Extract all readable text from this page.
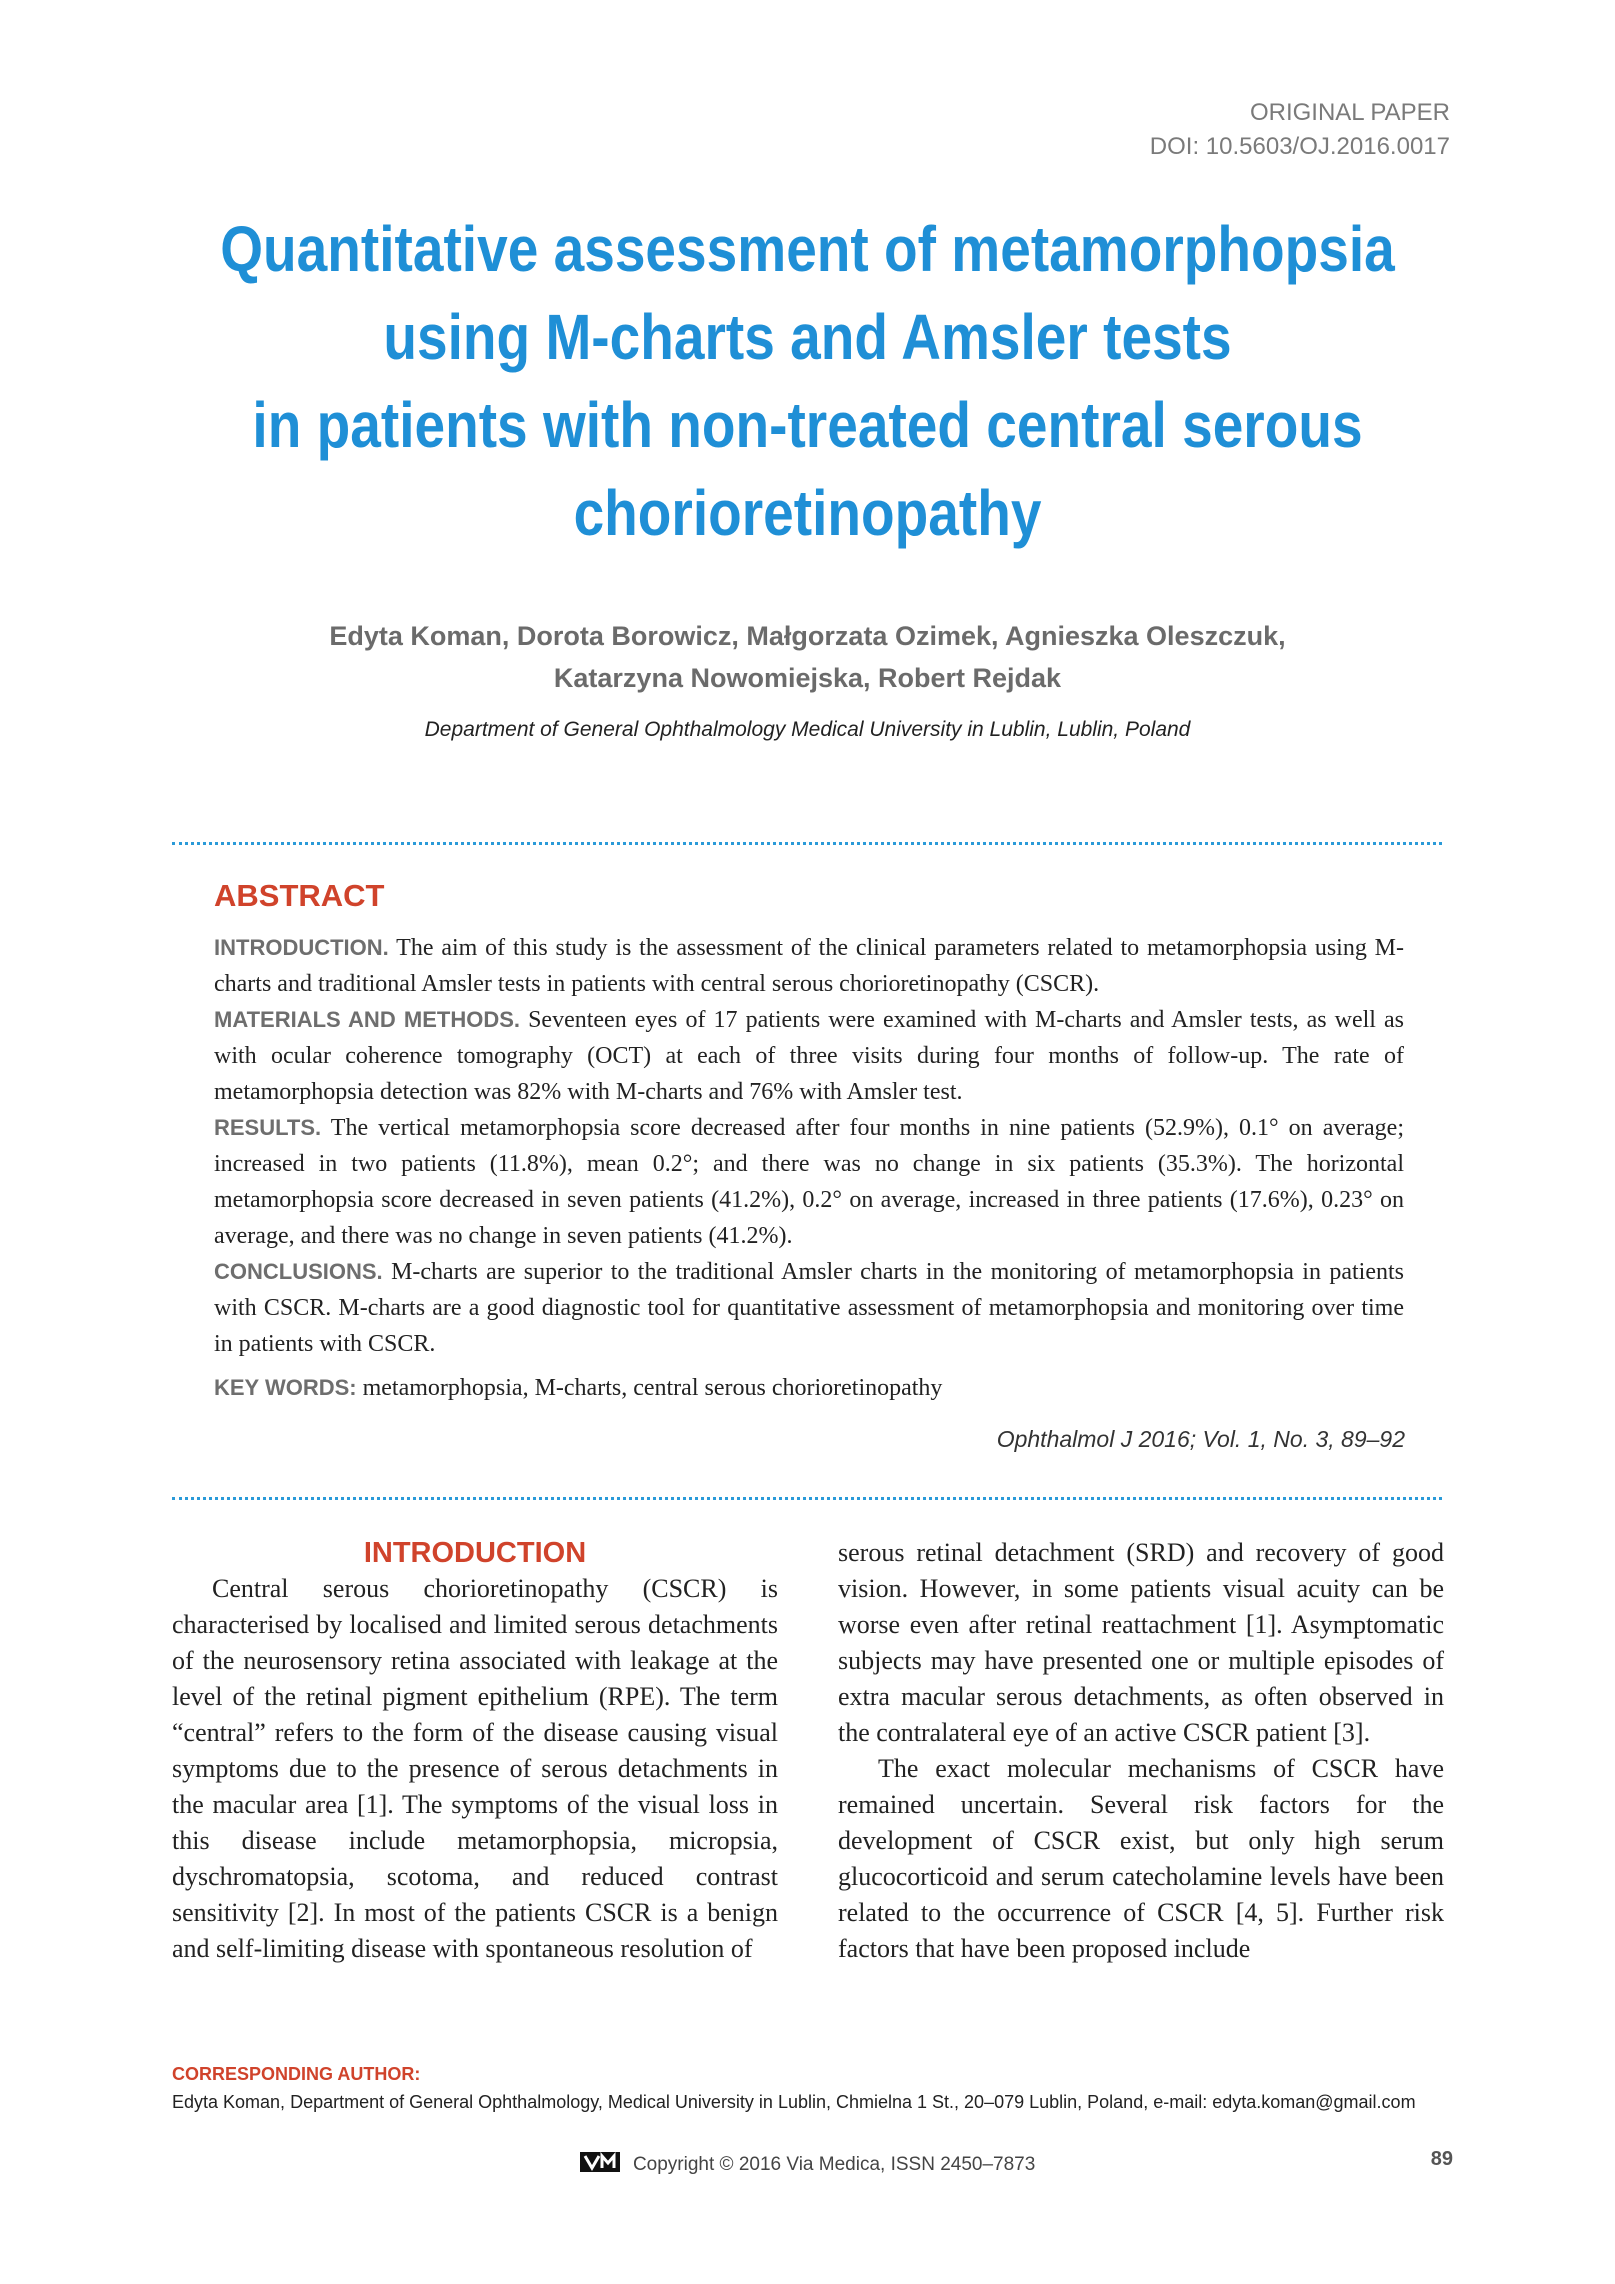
ORIGINAL PAPER
DOI: 10.5603/OJ.2016.0017
Quantitative assessment of metamorphopsia
using M-charts and Amsler tests
in patients with non-treated central serous
chorioretinopathy
Edyta Koman, Dorota Borowicz, Małgorzata Ozimek, Agnieszka Oleszczuk,
Katarzyna Nowomiejska, Robert Rejdak
Department of General Ophthalmology Medical University in Lublin, Lublin, Poland
ABSTRACT

INTRODUCTION. The aim of this study is the assessment of the clinical parameters related to metamorphopsia using M-charts and traditional Amsler tests in patients with central serous chorioretinopathy (CSCR).

MATERIALS AND METHODS. Seventeen eyes of 17 patients were examined with M-charts and Amsler tests, as well as with ocular coherence tomography (OCT) at each of three visits during four months of follow-up. The rate of metamorphopsia detection was 82% with M-charts and 76% with Amsler test.

RESULTS. The vertical metamorphopsia score decreased after four months in nine patients (52.9%), 0.1° on average; increased in two patients (11.8%), mean 0.2°; and there was no change in six patients (35.3%). The horizontal metamorphopsia score decreased in seven patients (41.2%), 0.2° on average, increased in three patients (17.6%), 0.23° on average, and there was no change in seven patients (41.2%).

CONCLUSIONS. M-charts are superior to the traditional Amsler charts in the monitoring of metamorphopsia in patients with CSCR. M-charts are a good diagnostic tool for quantitative assessment of metamorphopsia and monitoring over time in patients with CSCR.

KEY WORDS: metamorphopsia, M-charts, central serous chorioretinopathy

Ophthalmol J 2016; Vol. 1, No. 3, 89–92
INTRODUCTION

Central serous chorioretinopathy (CSCR) is characterised by localised and limited serous detachments of the neurosensory retina associated with leakage at the level of the retinal pigment epithelium (RPE). The term “central” refers to the form of the disease causing visual symptoms due to the presence of serous detachments in the macular area [1]. The symptoms of the visual loss in this disease include metamorphopsia, micropsia, dyschromatopsia, scotoma, and reduced contrast sensitivity [2]. In most of the patients CSCR is a benign and self-limiting disease with spontaneous resolution of

serous retinal detachment (SRD) and recovery of good vision. However, in some patients visual acuity can be worse even after retinal reattachment [1]. Asymptomatic subjects may have presented one or multiple episodes of extra macular serous detachments, as often observed in the contralateral eye of an active CSCR patient [3].

The exact molecular mechanisms of CSCR have remained uncertain. Several risk factors for the development of CSCR exist, but only high serum glucocorticoid and serum catecholamine levels have been related to the occurrence of CSCR [4, 5]. Further risk factors that have been proposed include

CORRESPONDING AUTHOR:
Edyta Koman, Department of General Ophthalmology, Medical University in Lublin, Chmielna 1 St., 20–079 Lublin, Poland, e-mail: edyta.koman@gmail.com
Copyright © 2016 Via Medica, ISSN 2450–7873	89
